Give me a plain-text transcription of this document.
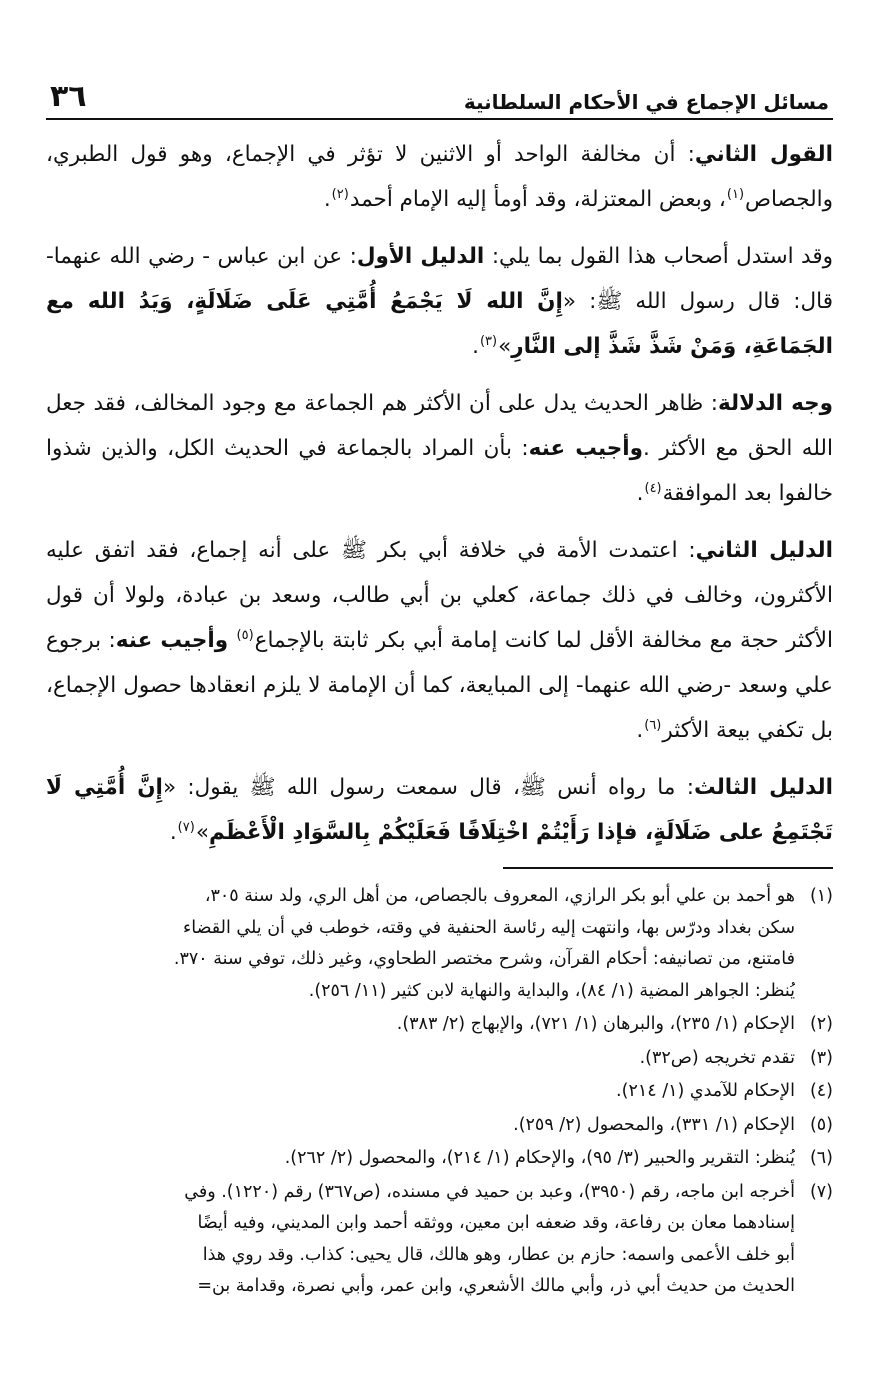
مسائل الإجماع في الأحكام السلطانية
٣٦

القول الثاني: أن مخالفة الواحد أو الاثنين لا تؤثر في الإجماع، وهو قول الطبري، والجصاص$^{(١)}$، وبعض المعتزلة، وقد أومأ إليه الإمام أحمد$^{(٢)}$.

وقد استدل أصحاب هذا القول بما يلي: الدليل الأول: عن ابن عباس - رضي الله عنهما- قال: قال رسول الله ﷺ: «إِنَّ الله لَا يَجْمَعُ أُمَّتِي عَلَى ضَلَالَةٍ، وَيَدُ الله مع الجَمَاعَةِ، وَمَنْ شَذَّ شَذَّ إلى النَّارِ»$^{(٣)}$.

وجه الدلالة: ظاهر الحديث يدل على أن الأكثر هم الجماعة مع وجود المخالف، فقد جعل الله الحق مع الأكثر .وأجيب عنه: بأن المراد بالجماعة في الحديث الكل، والذين شذوا خالفوا بعد الموافقة$^{(٤)}$.

الدليل الثاني: اعتمدت الأمة في خلافة أبي بكر ﷺ على أنه إجماع، فقد اتفق عليه الأكثرون، وخالف في ذلك جماعة، كعلي بن أبي طالب، وسعد بن عبادة، ولولا أن قول الأكثر حجة مع مخالفة الأقل لما كانت إمامة أبي بكر ثابتة بالإجماع$^{(٥)}$ وأجيب عنه: برجوع علي وسعد -رضي الله عنهما- إلى المبايعة، كما أن الإمامة لا يلزم انعقادها حصول الإجماع، بل تكفي بيعة الأكثر$^{(٦)}$.

الدليل الثالث: ما رواه أنس ﷺ، قال سمعت رسول الله ﷺ يقول: «إِنَّ أُمَّتِي لَا تَجْتَمِعُ على ضَلَالَةٍ، فإذا رَأَيْتُمْ اخْتِلَافًا فَعَلَيْكُمْ بِالسَّوَادِ الْأَعْظَمِ»$^{(٧)}$.

(١)
هو أحمد بن علي أبو بكر الرازي، المعروف بالجصاص، من أهل الري، ولد سنة ٣٠٥،
سكن بغداد ودرّس بها، وانتهت إليه رئاسة الحنفية في وقته، خوطب في أن يلي القضاء
فامتنع، من تصانيفه: أحكام القرآن، وشرح مختصر الطحاوي، وغير ذلك، توفي سنة ٣٧٠.
يُنظر: الجواهر المضية (١/ ٨٤)، والبداية والنهاية لابن كثير (١١/ ٢٥٦).
(٢)
الإحكام (١/ ٢٣٥)، والبرهان (١/ ٧٢١)، والإبهاج (٢/ ٣٨٣).
(٣)
تقدم تخريجه (ص٣٢).
(٤)
الإحكام للآمدي (١/ ٢١٤).
(٥)
الإحكام (١/ ٣٣١)، والمحصول (٢/ ٢٥٩).
(٦)
يُنظر: التقرير والحبير (٣/ ٩٥)، والإحكام (١/ ٢١٤)، والمحصول (٢/ ٢٦٢).
(٧)
أخرجه ابن ماجه، رقم (٣٩٥٠)، وعبد بن حميد في مسنده، (ص٣٦٧) رقم (١٢٢٠). وفي
إسنادهما معان بن رفاعة، وقد ضعفه ابن معين، ووثقه أحمد وابن المديني، وفيه أيضًا
أبو خلف الأعمى واسمه: حازم بن عطار، وهو هالك، قال يحيى: كذاب. وقد روي هذا
الحديث من حديث أبي ذر، وأبي مالك الأشعري، وابن عمر، وأبي نصرة، وقدامة بن=
